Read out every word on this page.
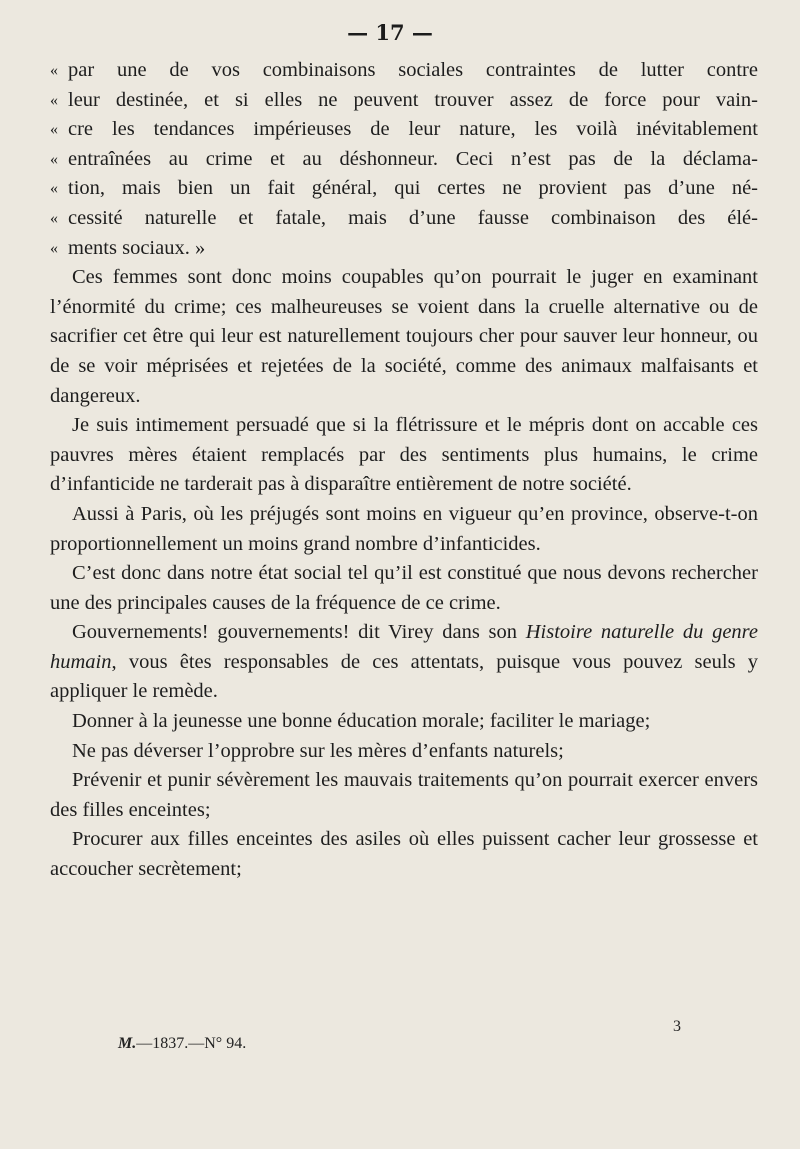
— 17 —
« par une de vos combinaisons sociales contraintes de lutter contre
« leur destinée, et si elles ne peuvent trouver assez de force pour vain-
« cre les tendances impérieuses de leur nature, les voilà inévitablement
« entraînées au crime et au déshonneur. Ceci n’est pas de la déclama-
« tion, mais bien un fait général, qui certes ne provient pas d’une né-
« cessité naturelle et fatale, mais d’une fausse combinaison des élé-
« ments sociaux. »

Ces femmes sont donc moins coupables qu’on pourrait le juger en examinant l’énormité du crime; ces malheureuses se voient dans la cruelle alternative ou de sacrifier cet être qui leur est naturellement toujours cher pour sauver leur honneur, ou de se voir méprisées et rejetées de la société, comme des animaux malfaisants et dangereux.

Je suis intimement persuadé que si la flétrissure et le mépris dont on accable ces pauvres mères étaient remplacés par des sentiments plus humains, le crime d’infanticide ne tarderait pas à disparaître entièrement de notre société.

Aussi à Paris, où les préjugés sont moins en vigueur qu’en province, observe-t-on proportionnellement un moins grand nombre d’infanticides.

C’est donc dans notre état social tel qu’il est constitué que nous devons rechercher une des principales causes de la fréquence de ce crime.

Gouvernements! gouvernements! dit Virey dans son Histoire naturelle du genre humain, vous êtes responsables de ces attentats, puisque vous pouvez seuls y appliquer le remède.

Donner à la jeunesse une bonne éducation morale; faciliter le mariage;

Ne pas déverser l’opprobre sur les mères d’enfants naturels;

Prévenir et punir sévèrement les mauvais traitements qu’on pourrait exercer envers des filles enceintes;

Procurer aux filles enceintes des asiles où elles puissent cacher leur grossesse et accoucher secrètement;

3
M.—1837.—N° 94.
